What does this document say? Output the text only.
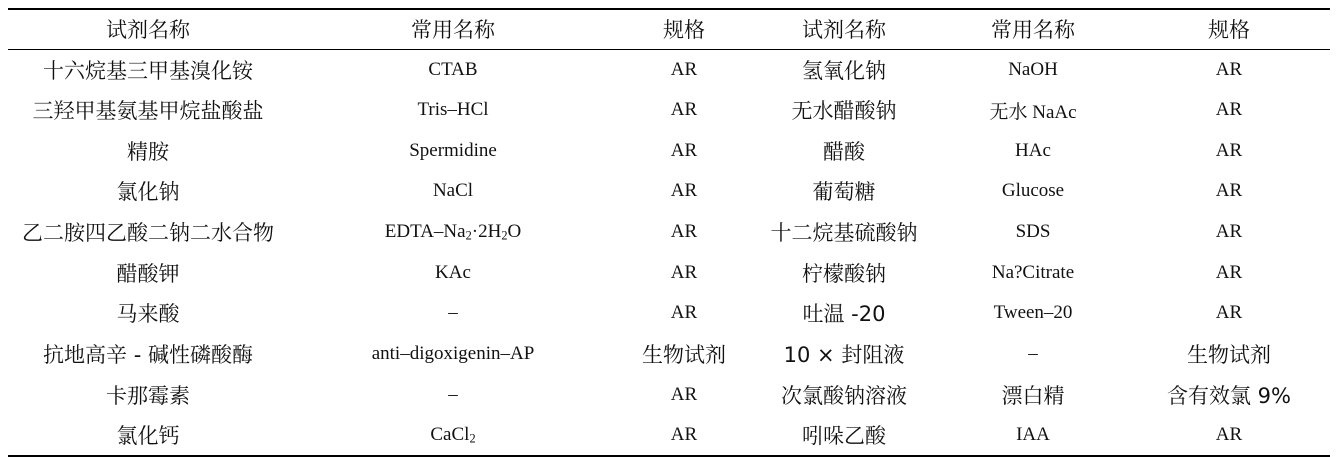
试剂名称	常用名称	规格	试剂名称	常用名称	规格
十六烷基三甲基溴化铵	CTAB	AR	氢氧化钠	NaOH	AR
三羟甲基氨基甲烷盐酸盐	Tris–HCl	AR	无水醋酸钠	无水 NaAc	AR
精胺	Spermidine	AR	醋酸	HAc	AR
氯化钠	NaCl	AR	葡萄糖	Glucose	AR
乙二胺四乙酸二钠二水合物	EDTA–$Na_2\cdot 2H_2O$	AR	十二烷基硫酸钠	SDS	AR
醋酸钾	KAc	AR	柠檬酸钠	Na?Citrate	AR
马来酸	–	AR	吐温 -20	Tween–20	AR
抗地高辛 - 碱性磷酸酶	anti–digoxigenin–AP	生物试剂	10 × 封阻液	–	生物试剂
卡那霉素	–	AR	次氯酸钠溶液	漂白精	含有效氯 9%
氯化钙	CaCl$_2$	AR	吲哚乙酸	IAA	AR
